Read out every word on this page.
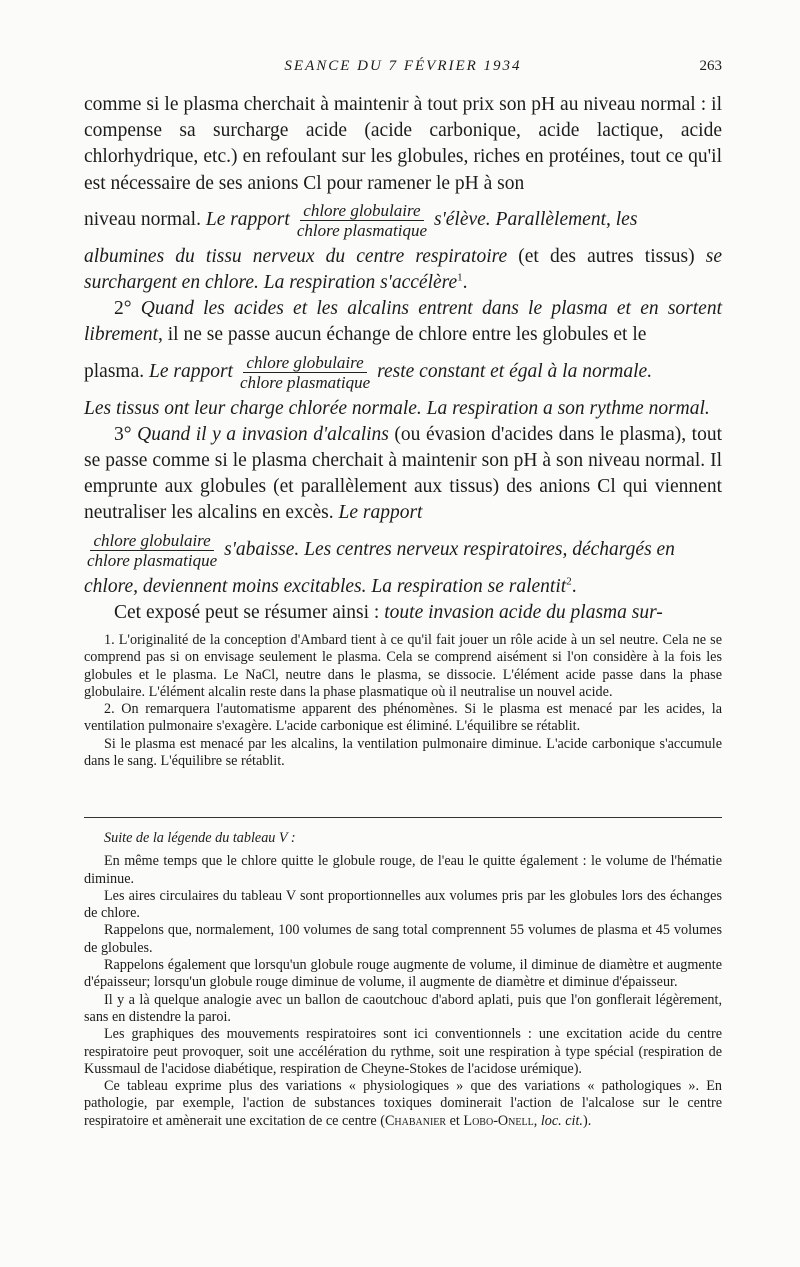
SEANCE DU 7 FÉVRIER 1934	263

comme si le plasma cherchait à maintenir à tout prix son pH au niveau normal : il compense sa surcharge acide (acide carbonique, acide lactique, acide chlorhydrique, etc.) en refoulant sur les globules, riches en protéines, tout ce qu'il est nécessaire de ses anions Cl pour ramener le pH à son

niveau normal.
Le rapport $\frac{\text{chlore globulaire}}{\text{chlore plasmatique}}$ s'élève. Parallèlement, les

albumines du tissu nerveux du centre respiratoire (et des autres tissus) se surchargent en chlore. La respiration s'accélère$^1$.

2° Quand les acides et les alcalins entrent dans le plasma et en sortent librement, il ne se passe aucun échange de chlore entre les globules et le

plasma.
Le rapport $\frac{\text{chlore globulaire}}{\text{chlore plasmatique}}$ reste constant et égal à la normale.

Les tissus ont leur charge chlorée normale. La respiration a son rythme normal.

3° Quand il y a invasion d'alcalins (ou évasion d'acides dans le plasma), tout se passe comme si le plasma cherchait à maintenir son pH à son niveau normal. Il emprunte aux globules (et parallèlement aux tissus) des anions Cl qui viennent neutraliser les alcalins en excès. Le rapport

$\frac{\text{chlore globulaire}}{\text{chlore plasmatique}}$ s'abaisse. Les centres nerveux respiratoires, déchargés en

chlore, deviennent moins excitables. La respiration se ralentit$^2$.

Cet exposé peut se résumer ainsi : toute invasion acide du plasma sur-

1. L'originalité de la conception d'Ambard tient à ce qu'il fait jouer un rôle acide à un sel neutre. Cela ne se comprend pas si on envisage seulement le plasma. Cela se comprend aisément si l'on considère à la fois les globules et le plasma. Le NaCl, neutre dans le plasma, se dissocie. L'élément acide passe dans la phase globulaire. L'élément alcalin reste dans la phase plasmatique où il neutralise un nouvel acide.

2. On remarquera l'automatisme apparent des phénomènes. Si le plasma est menacé par les acides, la ventilation pulmonaire s'exagère. L'acide carbonique est éliminé. L'équilibre se rétablit.

Si le plasma est menacé par les alcalins, la ventilation pulmonaire diminue. L'acide carbonique s'accumule dans le sang. L'équilibre se rétablit.

Suite de la légende du tableau V :

En même temps que le chlore quitte le globule rouge, de l'eau le quitte également : le volume de l'hématie diminue.

Les aires circulaires du tableau V sont proportionnelles aux volumes pris par les globules lors des échanges de chlore.

Rappelons que, normalement, 100 volumes de sang total comprennent 55 volumes de plasma et 45 volumes de globules.

Rappelons également que lorsqu'un globule rouge augmente de volume, il diminue de diamètre et augmente d'épaisseur; lorsqu'un globule rouge diminue de volume, il augmente de diamètre et diminue d'épaisseur.

Il y a là quelque analogie avec un ballon de caoutchouc d'abord aplati, puis que l'on gonflerait légèrement, sans en distendre la paroi.

Les graphiques des mouvements respiratoires sont ici conventionnels : une excitation acide du centre respiratoire peut provoquer, soit une accélération du rythme, soit une respiration à type spécial (respiration de Kussmaul de l'acidose diabétique, respiration de Cheyne-Stokes de l'acidose urémique).

Ce tableau exprime plus des variations « physiologiques » que des variations « pathologiques ». En pathologie, par exemple, l'action de substances toxiques dominerait l'action de l'alcalose sur le centre respiratoire et amènerait une excitation de ce centre (Chabanier et Lobo-Onell, loc. cit.).
